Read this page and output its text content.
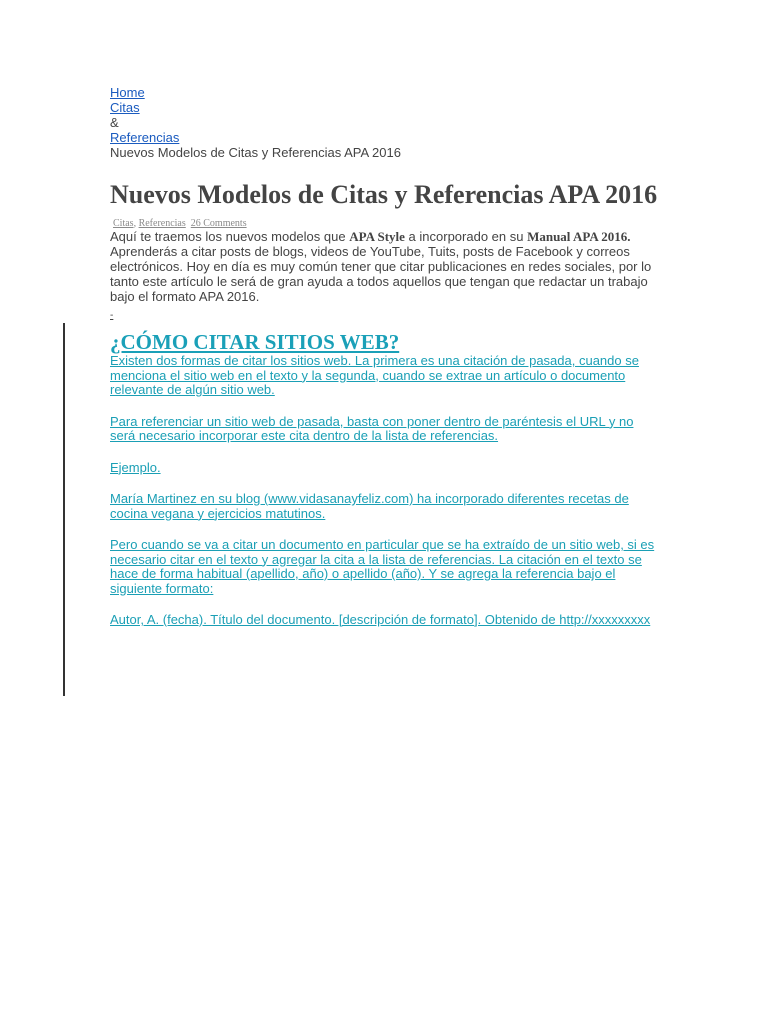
Home
Citas
&
Referencias
Nuevos Modelos de Citas y Referencias APA 2016
Nuevos Modelos de Citas y Referencias APA 2016
Citas, Referencias 26 Comments

Aquí te traemos los nuevos modelos que APA Style a incorporado en su Manual APA 2016. Aprenderás a citar posts de blogs, videos de YouTube, Tuits, posts de Facebook y correos electrónicos. Hoy en día es muy común tener que citar publicaciones en redes sociales, por lo tanto este artículo le será de gran ayuda a todos aquellos que tengan que redactar un trabajo bajo el formato APA 2016.

-
¿CÓMO CITAR SITIOS WEB?

Existen dos formas de citar los sitios web. La primera es una citación de pasada, cuando se menciona el sitio web en el texto y la segunda, cuando se extrae un artículo o documento relevante de algún sitio web.

Para referenciar un sitio web de pasada, basta con poner dentro de paréntesis el URL y no será necesario incorporar este cita dentro de la lista de referencias.

Ejemplo.

María Martinez en su blog (www.vidasanayfeliz.com) ha incorporado diferentes recetas de cocina vegana y ejercicios matutinos.

Pero cuando se va a citar un documento en particular que se ha extraído de un sitio web, si es necesario citar en el texto y agregar la cita a la lista de referencias. La citación en el texto se hace de forma habitual (apellido, año) o apellido (año). Y se agrega la referencia bajo el siguiente formato:

Autor, A. (fecha). Título del documento. [descripción de formato]. Obtenido de http://xxxxxxxxx
